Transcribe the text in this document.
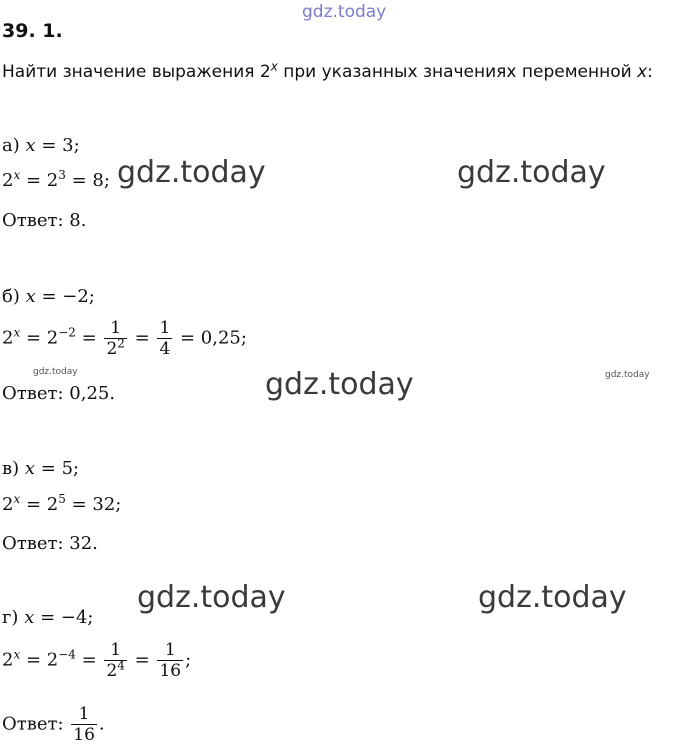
gdz.today
gdz.today	gdz.today
gdz.today
gdz.today	gdz.today
gdz.today	gdz.today
39. 1.
Найти значение выражения 2$^x$ при указанных значениях переменной x:
а) x = 3;
$2^x = 2^3 = 8$;
Ответ: 8.
б) x = −2;
$2^x = 2^{-2} = \frac{1}{2^2} = \frac{1}{4} = 0,25$;
Ответ: 0,25.
в) x = 5;
$2^x = 2^5 = 32$;
Ответ: 32.
г) x = −4;
$2^x = 2^{-4} = \frac{1}{2^4} = \frac{1}{16}$ ;
Ответ: $\frac{1}{16}$ .
